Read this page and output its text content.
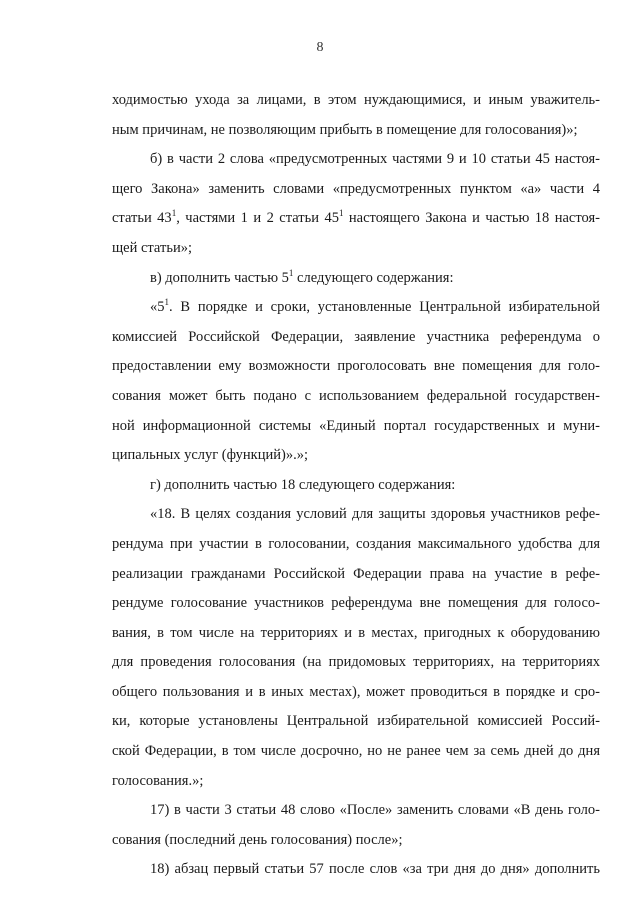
8
ходимостью ухода за лицами, в этом нуждающимися, и иным уважитель-
ным причинам, не позволяющим прибыть в помещение для голосования)»;
б) в части 2 слова «предусмотренных частями 9 и 10 статьи 45 настоя-
щего Закона» заменить словами «предусмотренных пунктом «а» части 4
статьи $43^1$, частями 1 и 2 статьи $45^1$ настоящего Закона и частью 18 настоя-
щей статьи»;
в) дополнить частью $5^1$ следующего содержания:
«$5^1$. В порядке и сроки, установленные Центральной избирательной
комиссией Российской Федерации, заявление участника референдума о
предоставлении ему возможности проголосовать вне помещения для голо-
сования может быть подано с использованием федеральной государствен-
ной информационной системы «Единый портал государственных и муни-
ципальных услуг (функций)».»;
г) дополнить частью 18 следующего содержания:
«18. В целях создания условий для защиты здоровья участников рефе-
рендума при участии в голосовании, создания максимального удобства для
реализации гражданами Российской Федерации права на участие в рефе-
рендуме голосование участников референдума вне помещения для голосо-
вания, в том числе на территориях и в местах, пригодных к оборудованию
для проведения голосования (на придомовых территориях, на территориях
общего пользования и в иных местах), может проводиться в порядке и сро-
ки, которые установлены Центральной избирательной комиссией Россий-
ской Федерации, в том числе досрочно, но не ранее чем за семь дней до дня
голосования.»;
17) в части 3 статьи 48 слово «После» заменить словами «В день голо-
сования (последний день голосования) после»;
18) абзац первый статьи 57 после слов «за три дня до дня» дополнить
